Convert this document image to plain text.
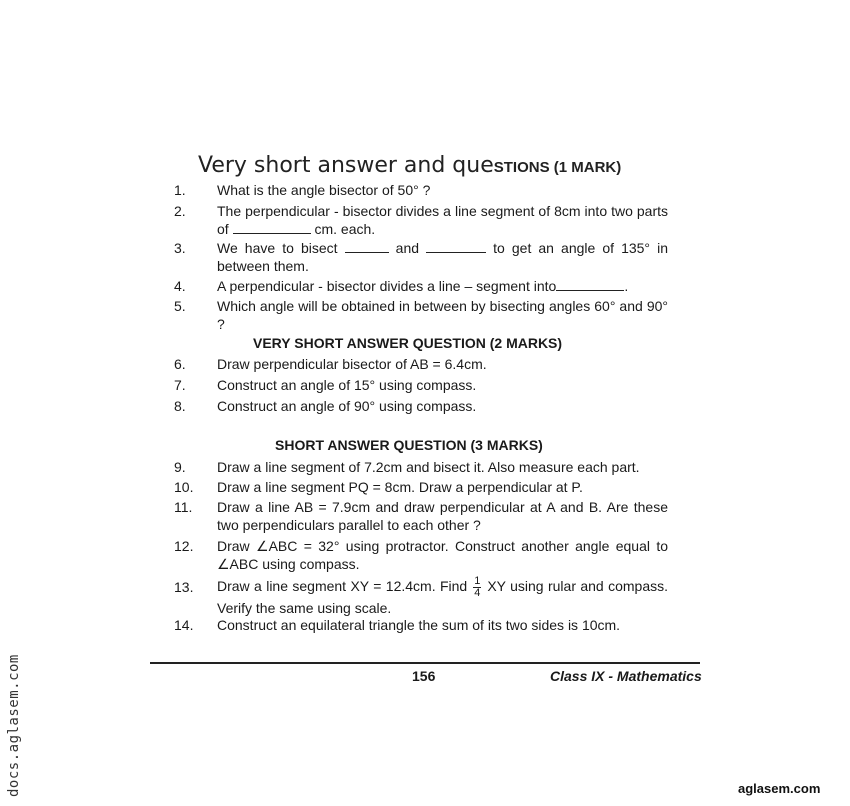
Very short answer and queSTIONS (1 MARK)
1. What is the angle bisector of 50° ?
2. The perpendicular - bisector divides a line segment of 8cm into two parts of	cm. each.
3. We have to bisect	and	to get an angle of 135° in between them.
4. A perpendicular - bisector divides a line – segment into	.
5. Which angle will be obtained in between by bisecting angles 60° and 90° ?
VERY SHORT ANSWER QUESTION (2 MARKS)
6. Draw perpendicular bisector of AB = 6.4cm.
7. Construct an angle of 15° using compass.
8. Construct an angle of 90° using compass.
SHORT ANSWER QUESTION (3 MARKS)
9. Draw a line segment of 7.2cm and bisect it. Also measure each part.
10. Draw a line segment PQ = 8cm. Draw a perpendicular at P.
11. Draw a line AB = 7.9cm and draw perpendicular at A and B. Are these two perpendiculars parallel to each other ?
12. Draw ∠ABC = 32° using protractor. Construct another angle equal to ∠ABC using compass.
13. Draw a line segment XY = 12.4cm. Find $\frac{1}{4}$ XY using rular and compass. Verify the same using scale.
14. Construct an equilateral triangle the sum of its two sides is 10cm.
156	Class IX - Mathematics
docs.aglasem.com	aglasem.com
